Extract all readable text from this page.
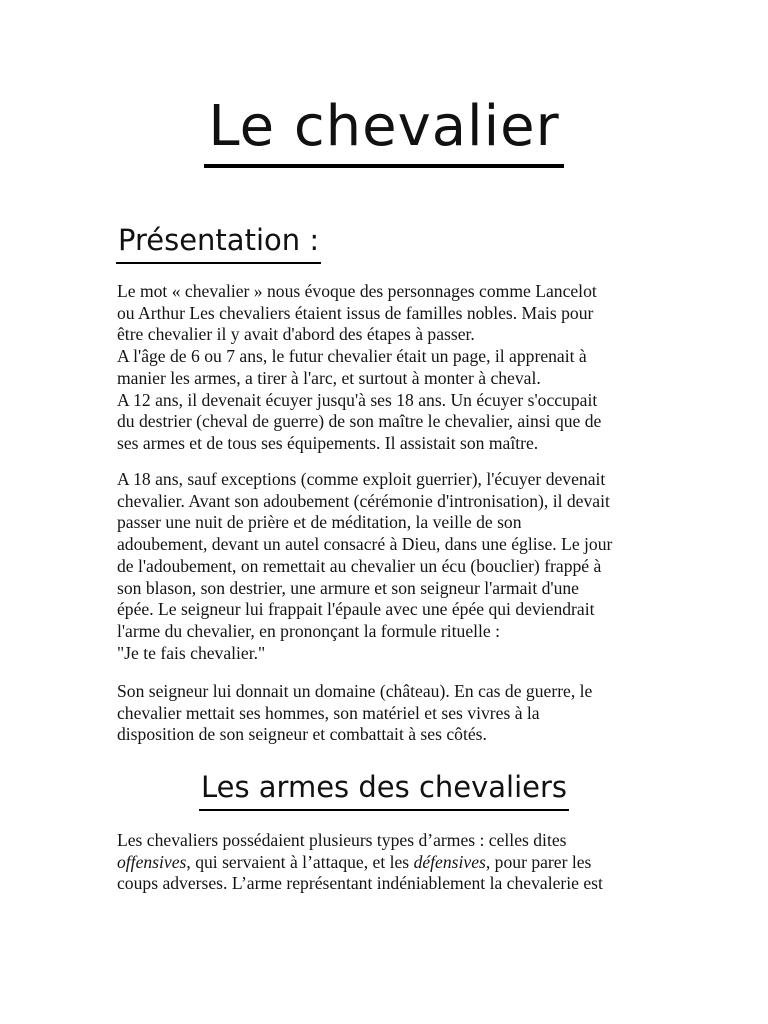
Le chevalier
Présentation :

Le mot « chevalier » nous évoque des personnages comme Lancelot
ou Arthur Les chevaliers étaient issus de familles nobles. Mais pour
être chevalier il y avait d'abord des étapes à passer.
A l'âge de 6 ou 7 ans, le futur chevalier était un page, il apprenait à
manier les armes, a tirer à l'arc, et surtout à monter à cheval.
A 12 ans, il devenait écuyer jusqu'à ses 18 ans. Un écuyer s'occupait
du destrier (cheval de guerre) de son maître le chevalier, ainsi que de
ses armes et de tous ses équipements. Il assistait son maître.

A 18 ans, sauf exceptions (comme exploit guerrier), l'écuyer devenait
chevalier. Avant son adoubement (cérémonie d'intronisation), il devait
passer une nuit de prière et de méditation, la veille de son
adoubement, devant un autel consacré à Dieu, dans une église. Le jour
de l'adoubement, on remettait au chevalier un écu (bouclier) frappé à
son blason, son destrier, une armure et son seigneur l'armait d'une
épée. Le seigneur lui frappait l'épaule avec une épée qui deviendrait
l'arme du chevalier, en prononçant la formule rituelle :
"Je te fais chevalier."

Son seigneur lui donnait un domaine (château). En cas de guerre, le
chevalier mettait ses hommes, son matériel et ses vivres à la
disposition de son seigneur et combattait à ses côtés.

Les armes des chevaliers

Les chevaliers possédaient plusieurs types d’armes : celles dites
offensives, qui servaient à l’attaque, et les défensives, pour parer les
coups adverses. L’arme représentant indéniablement la chevalerie est
